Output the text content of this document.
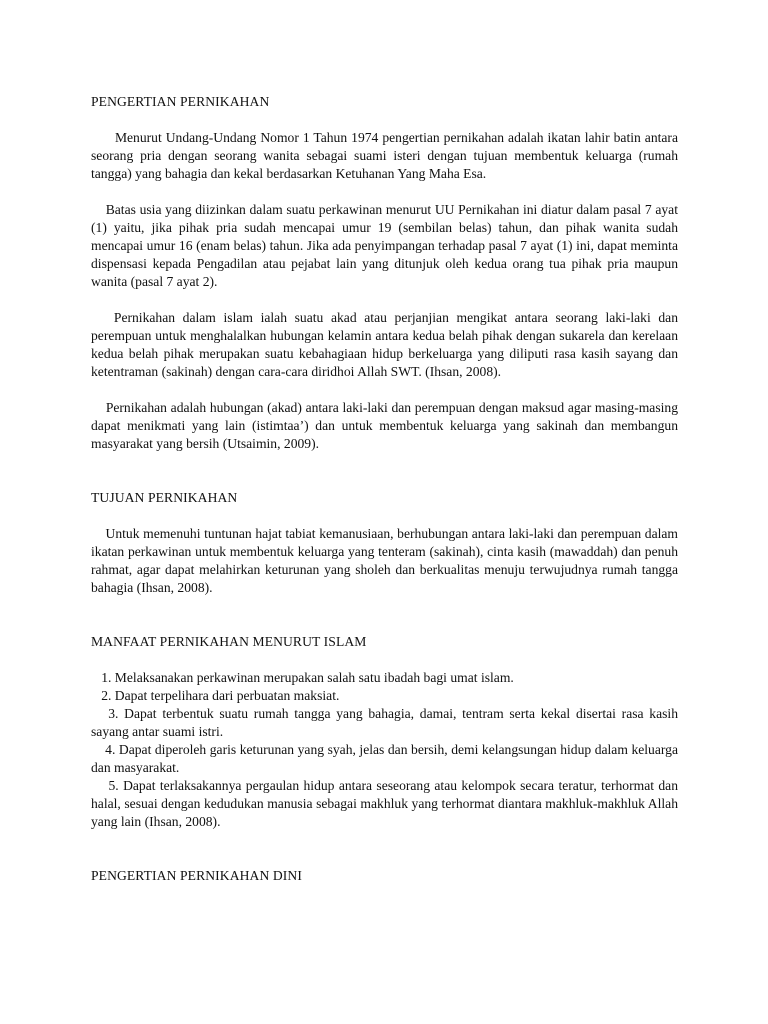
PENGERTIAN PERNIKAHAN

Menurut Undang-Undang Nomor 1 Tahun 1974 pengertian pernikahan adalah ikatan lahir batin antara seorang pria dengan seorang wanita sebagai suami isteri dengan tujuan membentuk keluarga (rumah tangga) yang bahagia dan kekal berdasarkan Ketuhanan Yang Maha Esa.

Batas usia yang diizinkan dalam suatu perkawinan menurut UU Pernikahan ini diatur dalam pasal 7 ayat (1) yaitu, jika pihak pria sudah mencapai umur 19 (sembilan belas) tahun, dan pihak wanita sudah mencapai umur 16 (enam belas) tahun. Jika ada penyimpangan terhadap pasal 7 ayat (1) ini, dapat meminta dispensasi kepada Pengadilan atau pejabat lain yang ditunjuk oleh kedua orang tua pihak pria maupun wanita (pasal 7 ayat 2).

Pernikahan dalam islam ialah suatu akad atau perjanjian mengikat antara seorang laki-laki dan perempuan untuk menghalalkan hubungan kelamin antara kedua belah pihak dengan sukarela dan kerelaan kedua belah pihak merupakan suatu kebahagiaan hidup berkeluarga yang diliputi rasa kasih sayang dan ketentraman (sakinah) dengan cara-cara diridhoi Allah SWT. (Ihsan, 2008).

Pernikahan adalah hubungan (akad) antara laki-laki dan perempuan dengan maksud agar masing-masing dapat menikmati yang lain (istimtaa’) dan untuk membentuk keluarga yang sakinah dan membangun masyarakat yang bersih (Utsaimin, 2009).

TUJUAN PERNIKAHAN

Untuk memenuhi tuntunan hajat tabiat kemanusiaan, berhubungan antara laki-laki dan perempuan dalam ikatan perkawinan untuk membentuk keluarga yang tenteram (sakinah), cinta kasih (mawaddah) dan penuh rahmat, agar dapat melahirkan keturunan yang sholeh dan berkualitas menuju terwujudnya rumah tangga bahagia (Ihsan, 2008).

MANFAAT PERNIKAHAN MENURUT ISLAM
1. Melaksanakan perkawinan merupakan salah satu ibadah bagi umat islam.
2. Dapat terpelihara dari perbuatan maksiat.
3. Dapat terbentuk suatu rumah tangga yang bahagia, damai, tentram serta kekal disertai rasa kasih sayang antar suami istri.
4. Dapat diperoleh garis keturunan yang syah, jelas dan bersih, demi kelangsungan hidup dalam keluarga dan masyarakat.
5. Dapat terlaksakannya pergaulan hidup antara seseorang atau kelompok secara teratur, terhormat dan halal, sesuai dengan kedudukan manusia sebagai makhluk yang terhormat diantara makhluk-makhluk Allah yang lain (Ihsan, 2008).
PENGERTIAN PERNIKAHAN DINI
